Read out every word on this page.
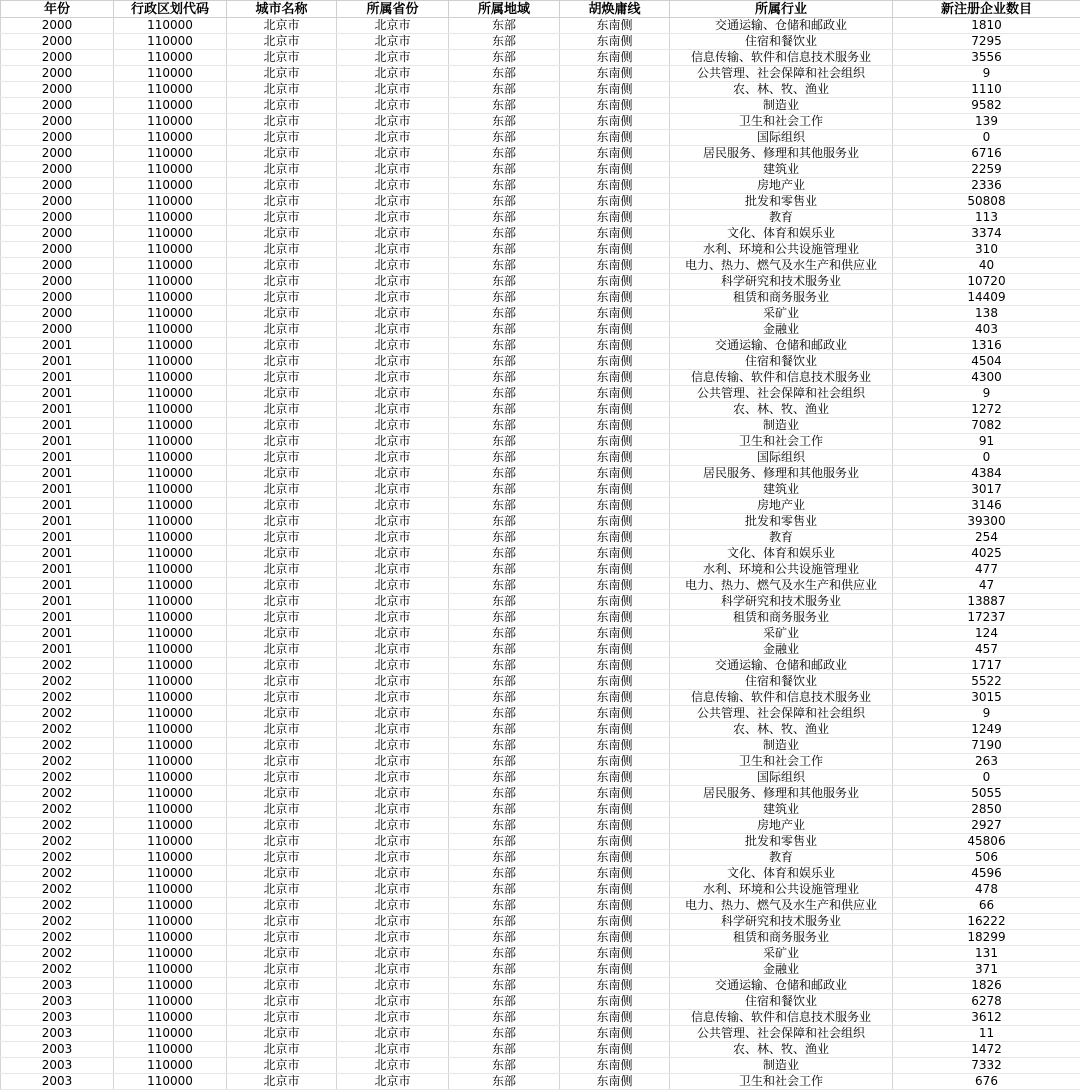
年份	行政区划代码	城市名称	所属省份	所属地域	胡焕庸线	所属行业	新注册企业数目
2000	110000	北京市	北京市	东部	东南侧	交通运输、仓储和邮政业	1810
2000	110000	北京市	北京市	东部	东南侧	住宿和餐饮业	7295
2000	110000	北京市	北京市	东部	东南侧	信息传输、软件和信息技术服务业	3556
2000	110000	北京市	北京市	东部	东南侧	公共管理、社会保障和社会组织	9
2000	110000	北京市	北京市	东部	东南侧	农、林、牧、渔业	1110
2000	110000	北京市	北京市	东部	东南侧	制造业	9582
2000	110000	北京市	北京市	东部	东南侧	卫生和社会工作	139
2000	110000	北京市	北京市	东部	东南侧	国际组织	0
2000	110000	北京市	北京市	东部	东南侧	居民服务、修理和其他服务业	6716
2000	110000	北京市	北京市	东部	东南侧	建筑业	2259
2000	110000	北京市	北京市	东部	东南侧	房地产业	2336
2000	110000	北京市	北京市	东部	东南侧	批发和零售业	50808
2000	110000	北京市	北京市	东部	东南侧	教育	113
2000	110000	北京市	北京市	东部	东南侧	文化、体育和娱乐业	3374
2000	110000	北京市	北京市	东部	东南侧	水利、环境和公共设施管理业	310
2000	110000	北京市	北京市	东部	东南侧	电力、热力、燃气及水生产和供应业	40
2000	110000	北京市	北京市	东部	东南侧	科学研究和技术服务业	10720
2000	110000	北京市	北京市	东部	东南侧	租赁和商务服务业	14409
2000	110000	北京市	北京市	东部	东南侧	采矿业	138
2000	110000	北京市	北京市	东部	东南侧	金融业	403
2001	110000	北京市	北京市	东部	东南侧	交通运输、仓储和邮政业	1316
2001	110000	北京市	北京市	东部	东南侧	住宿和餐饮业	4504
2001	110000	北京市	北京市	东部	东南侧	信息传输、软件和信息技术服务业	4300
2001	110000	北京市	北京市	东部	东南侧	公共管理、社会保障和社会组织	9
2001	110000	北京市	北京市	东部	东南侧	农、林、牧、渔业	1272
2001	110000	北京市	北京市	东部	东南侧	制造业	7082
2001	110000	北京市	北京市	东部	东南侧	卫生和社会工作	91
2001	110000	北京市	北京市	东部	东南侧	国际组织	0
2001	110000	北京市	北京市	东部	东南侧	居民服务、修理和其他服务业	4384
2001	110000	北京市	北京市	东部	东南侧	建筑业	3017
2001	110000	北京市	北京市	东部	东南侧	房地产业	3146
2001	110000	北京市	北京市	东部	东南侧	批发和零售业	39300
2001	110000	北京市	北京市	东部	东南侧	教育	254
2001	110000	北京市	北京市	东部	东南侧	文化、体育和娱乐业	4025
2001	110000	北京市	北京市	东部	东南侧	水利、环境和公共设施管理业	477
2001	110000	北京市	北京市	东部	东南侧	电力、热力、燃气及水生产和供应业	47
2001	110000	北京市	北京市	东部	东南侧	科学研究和技术服务业	13887
2001	110000	北京市	北京市	东部	东南侧	租赁和商务服务业	17237
2001	110000	北京市	北京市	东部	东南侧	采矿业	124
2001	110000	北京市	北京市	东部	东南侧	金融业	457
2002	110000	北京市	北京市	东部	东南侧	交通运输、仓储和邮政业	1717
2002	110000	北京市	北京市	东部	东南侧	住宿和餐饮业	5522
2002	110000	北京市	北京市	东部	东南侧	信息传输、软件和信息技术服务业	3015
2002	110000	北京市	北京市	东部	东南侧	公共管理、社会保障和社会组织	9
2002	110000	北京市	北京市	东部	东南侧	农、林、牧、渔业	1249
2002	110000	北京市	北京市	东部	东南侧	制造业	7190
2002	110000	北京市	北京市	东部	东南侧	卫生和社会工作	263
2002	110000	北京市	北京市	东部	东南侧	国际组织	0
2002	110000	北京市	北京市	东部	东南侧	居民服务、修理和其他服务业	5055
2002	110000	北京市	北京市	东部	东南侧	建筑业	2850
2002	110000	北京市	北京市	东部	东南侧	房地产业	2927
2002	110000	北京市	北京市	东部	东南侧	批发和零售业	45806
2002	110000	北京市	北京市	东部	东南侧	教育	506
2002	110000	北京市	北京市	东部	东南侧	文化、体育和娱乐业	4596
2002	110000	北京市	北京市	东部	东南侧	水利、环境和公共设施管理业	478
2002	110000	北京市	北京市	东部	东南侧	电力、热力、燃气及水生产和供应业	66
2002	110000	北京市	北京市	东部	东南侧	科学研究和技术服务业	16222
2002	110000	北京市	北京市	东部	东南侧	租赁和商务服务业	18299
2002	110000	北京市	北京市	东部	东南侧	采矿业	131
2002	110000	北京市	北京市	东部	东南侧	金融业	371
2003	110000	北京市	北京市	东部	东南侧	交通运输、仓储和邮政业	1826
2003	110000	北京市	北京市	东部	东南侧	住宿和餐饮业	6278
2003	110000	北京市	北京市	东部	东南侧	信息传输、软件和信息技术服务业	3612
2003	110000	北京市	北京市	东部	东南侧	公共管理、社会保障和社会组织	11
2003	110000	北京市	北京市	东部	东南侧	农、林、牧、渔业	1472
2003	110000	北京市	北京市	东部	东南侧	制造业	7332
2003	110000	北京市	北京市	东部	东南侧	卫生和社会工作	676
